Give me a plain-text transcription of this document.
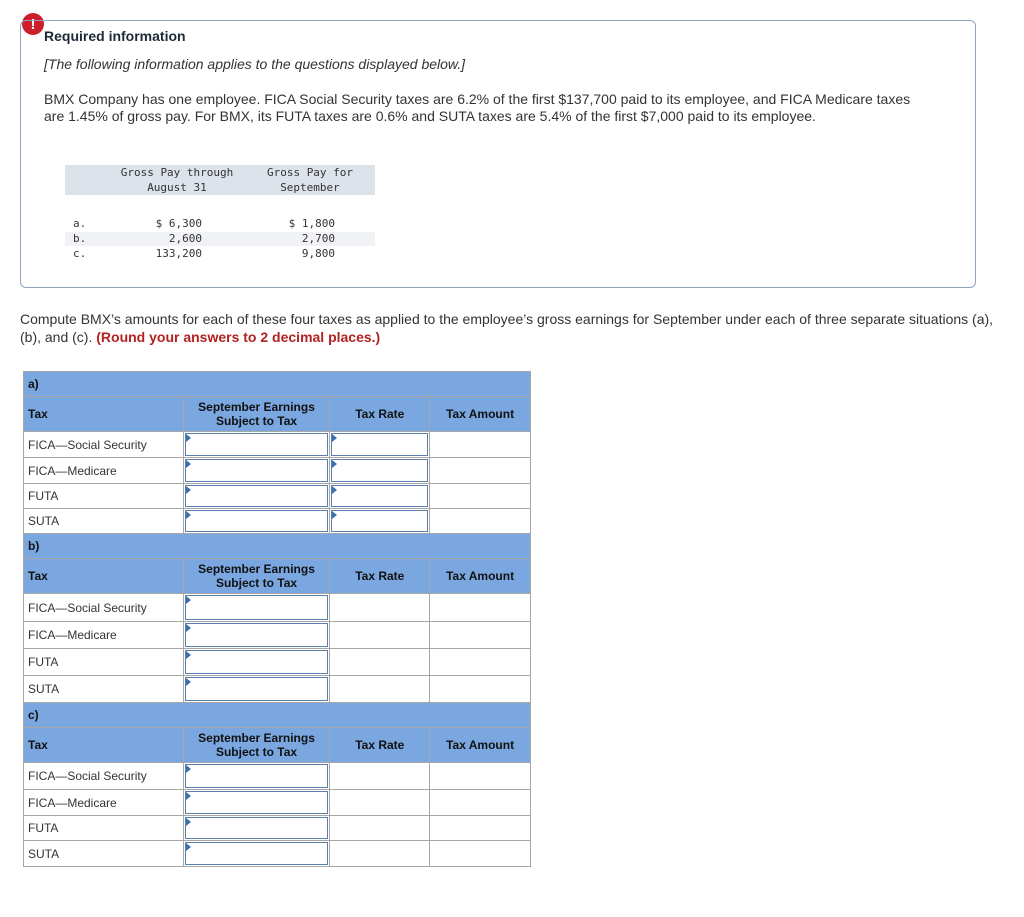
!
Required information
[The following information applies to the questions displayed below.]
BMX Company has one employee. FICA Social Security taxes are 6.2% of the first $137,700 paid to its employee, and FICA Medicare taxes are 1.45% of gross pay. For BMX, its FUTA taxes are 0.6% and SUTA taxes are 5.4% of the first $7,000 paid to its employee.
Gross Pay through
August 31
Gross Pay for
September
a.	$ 6,300	$ 1,800
b.	2,600	2,700
c.	133,200	9,800
Compute BMX’s amounts for each of these four taxes as applied to the employee’s gross earnings for September under each of three separate situations (a), (b), and (c). (Round your answers to 2 decimal places.)
a)			
Tax	September Earnings Subject to Tax	Tax Rate	Tax Amount
FICA—Social Security	

FICA—Medicare	

FUTA	

SUTA	

b)			
Tax	September Earnings Subject to Tax	Tax Rate	Tax Amount
FICA—Social Security	

FICA—Medicare	

FUTA	

SUTA	

c)			
Tax	September Earnings Subject to Tax	Tax Rate	Tax Amount
FICA—Social Security	

FICA—Medicare	

FUTA	

SUTA	
